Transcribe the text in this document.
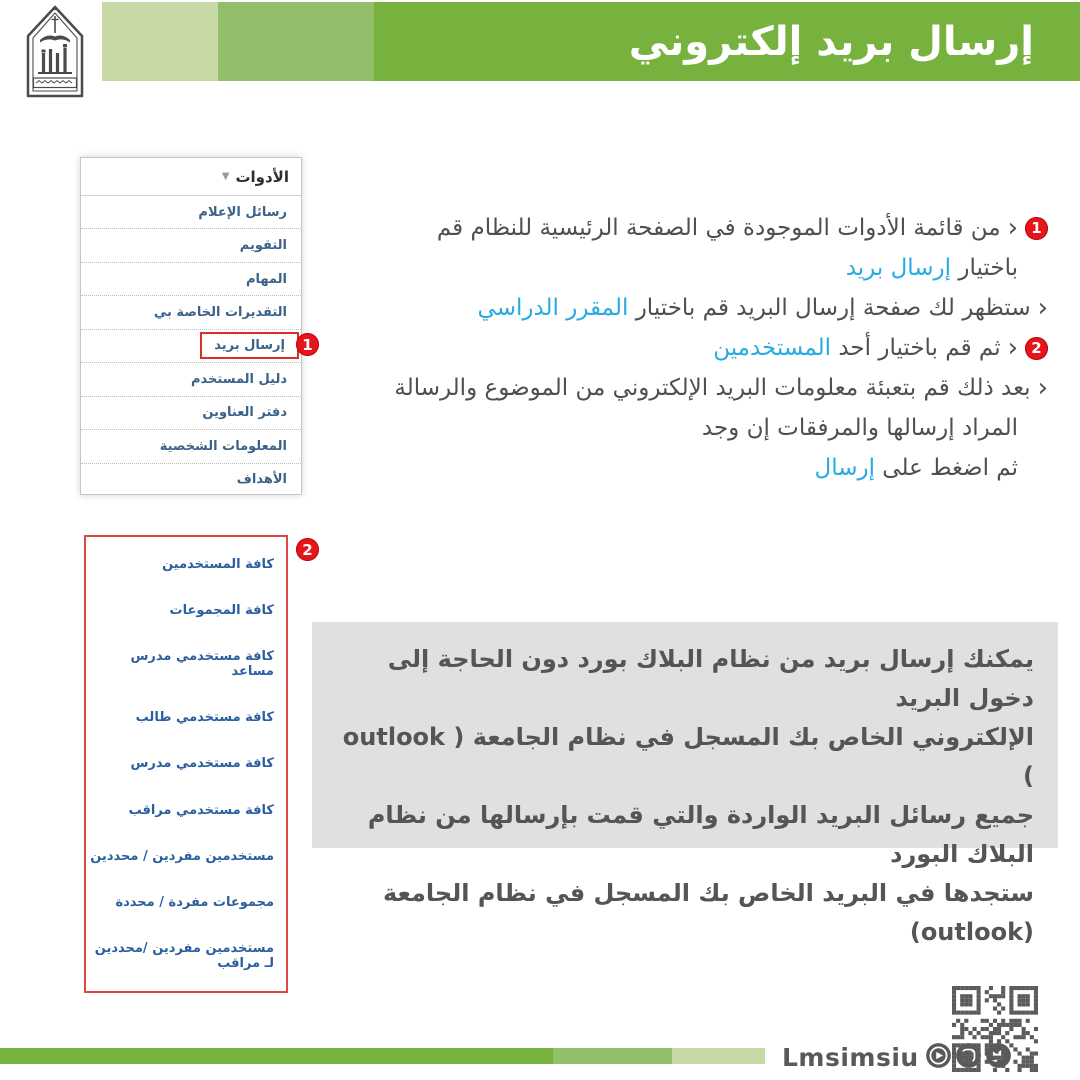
إرسال بريد إلكتروني
الأدوات
▼
رسائل الإعلام
التقويم
المهام
التقديرات الخاصة بي
إرسال بريد
دليل المستخدم
دفتر العناوين
المعلومات الشخصية
الأهداف
1
1
‹
من قائمة الأدوات الموجودة في الصفحة الرئيسية للنظام قم
باختيار إرسال بريد
‹
ستظهر لك صفحة إرسال البريد قم باختيار المقرر الدراسي
2
‹
ثم قم باختيار أحد المستخدمين
‹
بعد ذلك قم بتعبئة معلومات البريد الإلكتروني من الموضوع والرسالة
المراد إرسالها والمرفقات إن وجد
ثم اضغط على إرسال
كافة المستخدمين
كافة المجموعات
كافة مستخدمي مدرس مساعد
كافة مستخدمي طالب
كافة مستخدمي مدرس
كافة مستخدمي مراقب
مستخدمين مفردين / محددين
مجموعات مفردة / محددة
مستخدمين مفردين /محددين لـ مراقب
2
يمكنك إرسال بريد من نظام البلاك بورد دون الحاجة إلى دخول البريد
الإلكتروني الخاص بك المسجل في نظام الجامعة ( outlook )
جميع رسائل البريد الواردة والتي قمت بإرسالها من نظام البلاك البورد
ستجدها في البريد الخاص بك المسجل في نظام الجامعة (outlook)
Lmsimsiu
